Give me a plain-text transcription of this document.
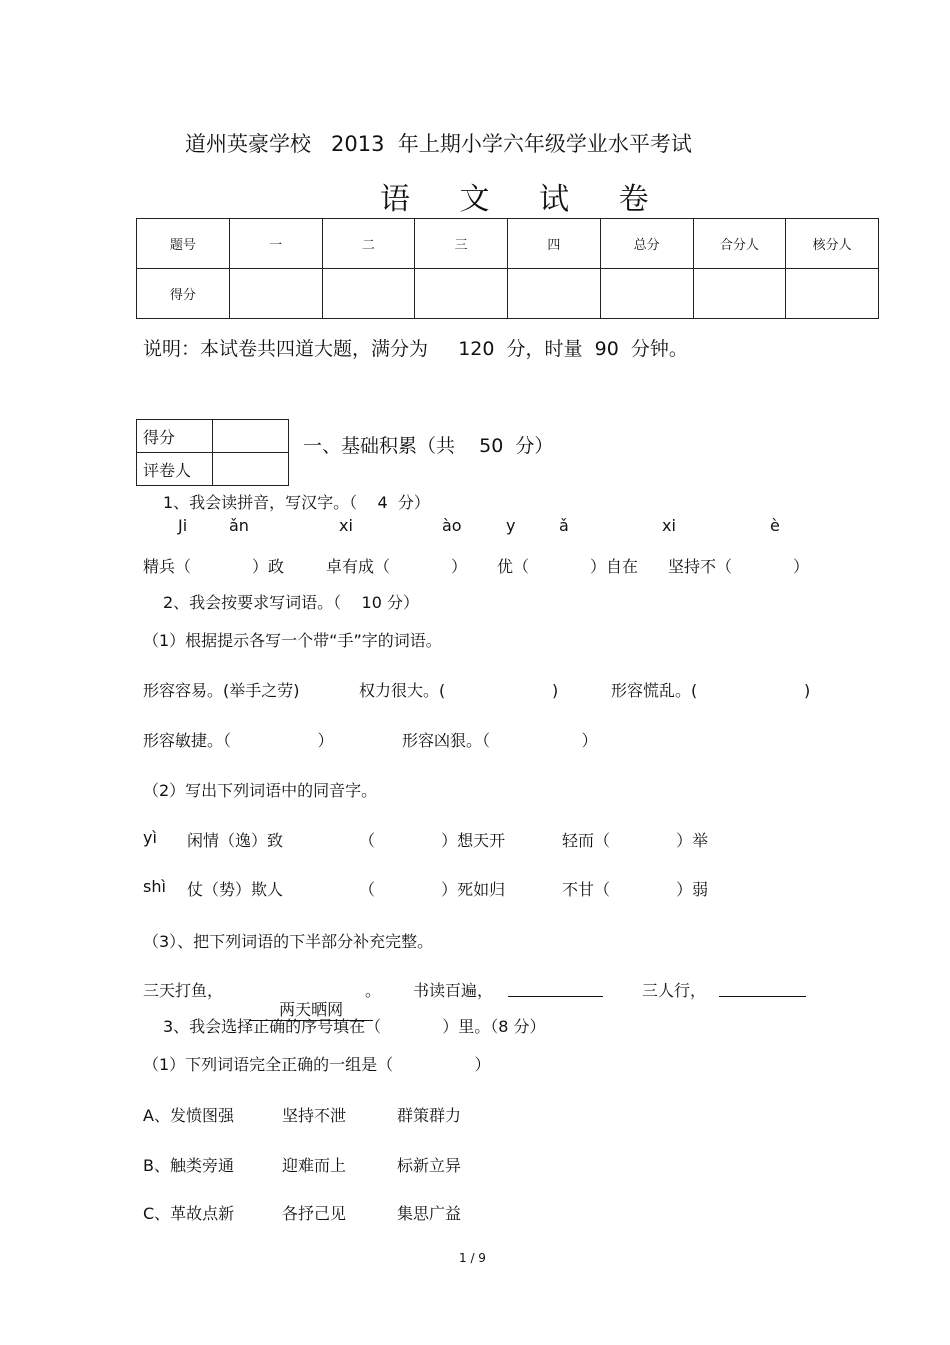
道州英豪学校   2013  年上期小学六年级学业水平考试
语 文 试 卷
题号	一	二	三	四	总分	合分人	核分人
得分							
说明：本试卷共四道大题，满分为     120  分，时量  90  分钟。
得分	
评卷人	
一、基础积累（共    50  分）
1、我会读拼音，写汉字。（    4  分）
Ji	ǎn	xi	ào	y	ǎ	xi	è
精兵（            ）政	卓有成（            ） 优（            ）自在 坚持不（            ）
2、我会按要求写词语。（    10 分）
（1）根据提示各写一个带“手”字的词语。
形容容易。(举手之劳)	权力很大。(                     )	形容慌乱。(                     )
形容敏捷。（                 ）	形容凶狠。（                  ）
（2）写出下列词语中的同音字。
yì 闲情（逸）致	（             ）想天开	轻而（             ）举
shì 仗（势）欺人	（             ）死如归	不甘（             ）弱
（3）、把下列词语的下半部分补充完整。
三天打鱼，

两天晒网

。 书读百遍，	三人行，
3、我会选择正确的序号填在（            ）里。（8 分）
（1）下列词语完全正确的一组是（                ）
A、发愤图强	坚持不泄	群策群力
B、触类旁通	迎难而上	标新立异
C、革故点新	各抒己见	集思广益
1 / 9
